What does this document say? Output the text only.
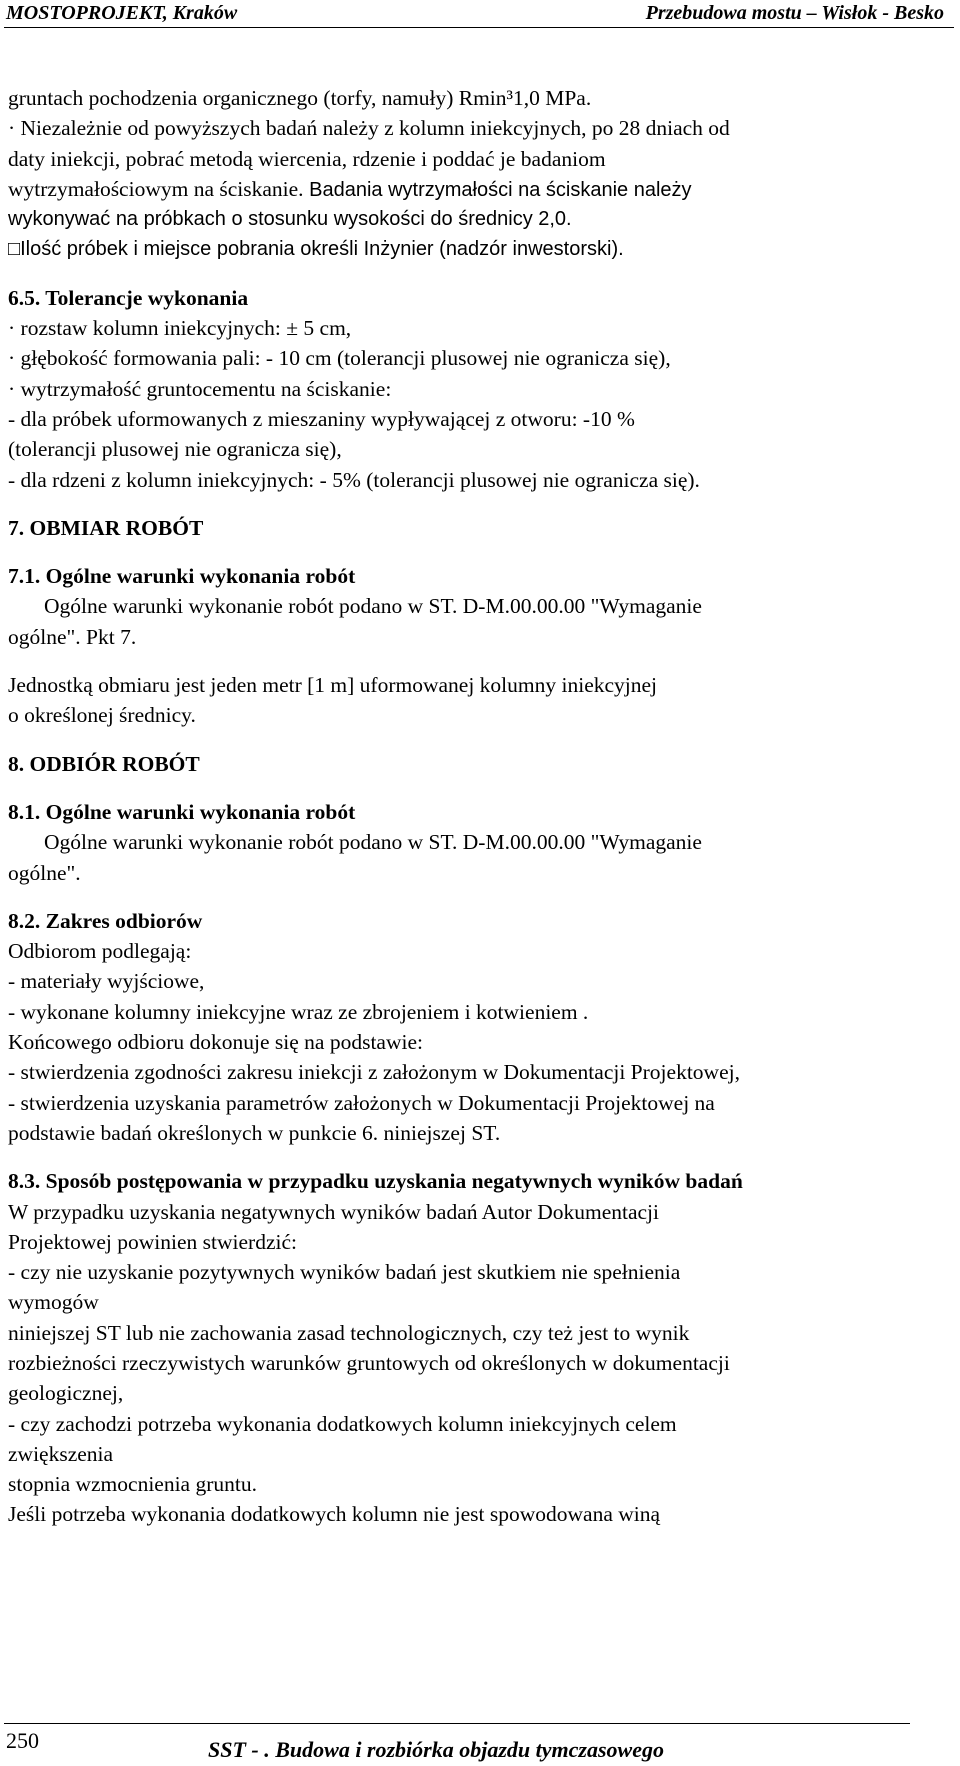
MOSTOPROJEKT, Kraków	Przebudowa mostu – Wisłok - Besko
gruntach pochodzenia organicznego (torfy, namuły) Rmin³1,0 MPa.
· Niezależnie od powyższych badań należy z kolumn iniekcyjnych, po 28 dniach od
daty iniekcji, pobrać metodą wiercenia, rdzenie i poddać je badaniom
wytrzymałościowym na ściskanie. Badania wytrzymałości na ściskanie należy
wykonywać na próbkach o stosunku wysokości do średnicy 2,0.
□Ilość próbek i miejsce pobrania określi Inżynier (nadzór inwestorski).
6.5. Tolerancje wykonania
· rozstaw kolumn iniekcyjnych: ± 5 cm,
· głębokość formowania pali: - 10 cm (tolerancji plusowej nie ogranicza się),
· wytrzymałość gruntocementu na ściskanie:
- dla próbek uformowanych z mieszaniny wypływającej z otworu: -10 %
(tolerancji plusowej nie ogranicza się),
- dla rdzeni z kolumn iniekcyjnych: - 5% (tolerancji plusowej nie ogranicza się).
7. OBMIAR ROBÓT
7.1. Ogólne warunki wykonania robót
Ogólne warunki wykonanie robót podano w ST. D-M.00.00.00 "Wymaganie
ogólne". Pkt 7.
Jednostką obmiaru jest jeden metr [1 m] uformowanej kolumny iniekcyjnej
o określonej średnicy.
8. ODBIÓR ROBÓT
8.1. Ogólne warunki wykonania robót
Ogólne warunki wykonanie robót podano w ST. D-M.00.00.00 "Wymaganie
ogólne".
8.2. Zakres odbiorów
Odbiorom podlegają:
- materiały wyjściowe,
- wykonane kolumny iniekcyjne wraz ze zbrojeniem i kotwieniem .
Końcowego odbioru dokonuje się na podstawie:
- stwierdzenia zgodności zakresu iniekcji z założonym w Dokumentacji Projektowej,
- stwierdzenia uzyskania parametrów założonych w Dokumentacji Projektowej na
podstawie badań określonych w punkcie 6. niniejszej ST.
8.3. Sposób postępowania w przypadku uzyskania negatywnych wyników badań
W przypadku uzyskania negatywnych wyników badań Autor Dokumentacji
Projektowej powinien stwierdzić:
- czy nie uzyskanie pozytywnych wyników badań jest skutkiem nie spełnienia
wymogów
niniejszej ST lub nie zachowania zasad technologicznych, czy też jest to wynik
rozbieżności rzeczywistych warunków gruntowych od określonych w dokumentacji
geologicznej,
- czy zachodzi potrzeba wykonania dodatkowych kolumn iniekcyjnych celem
zwiększenia
stopnia wzmocnienia gruntu.
Jeśli potrzeba wykonania dodatkowych kolumn nie jest spowodowana winą
250	SST - . Budowa i rozbiórka objazdu tymczasowego
